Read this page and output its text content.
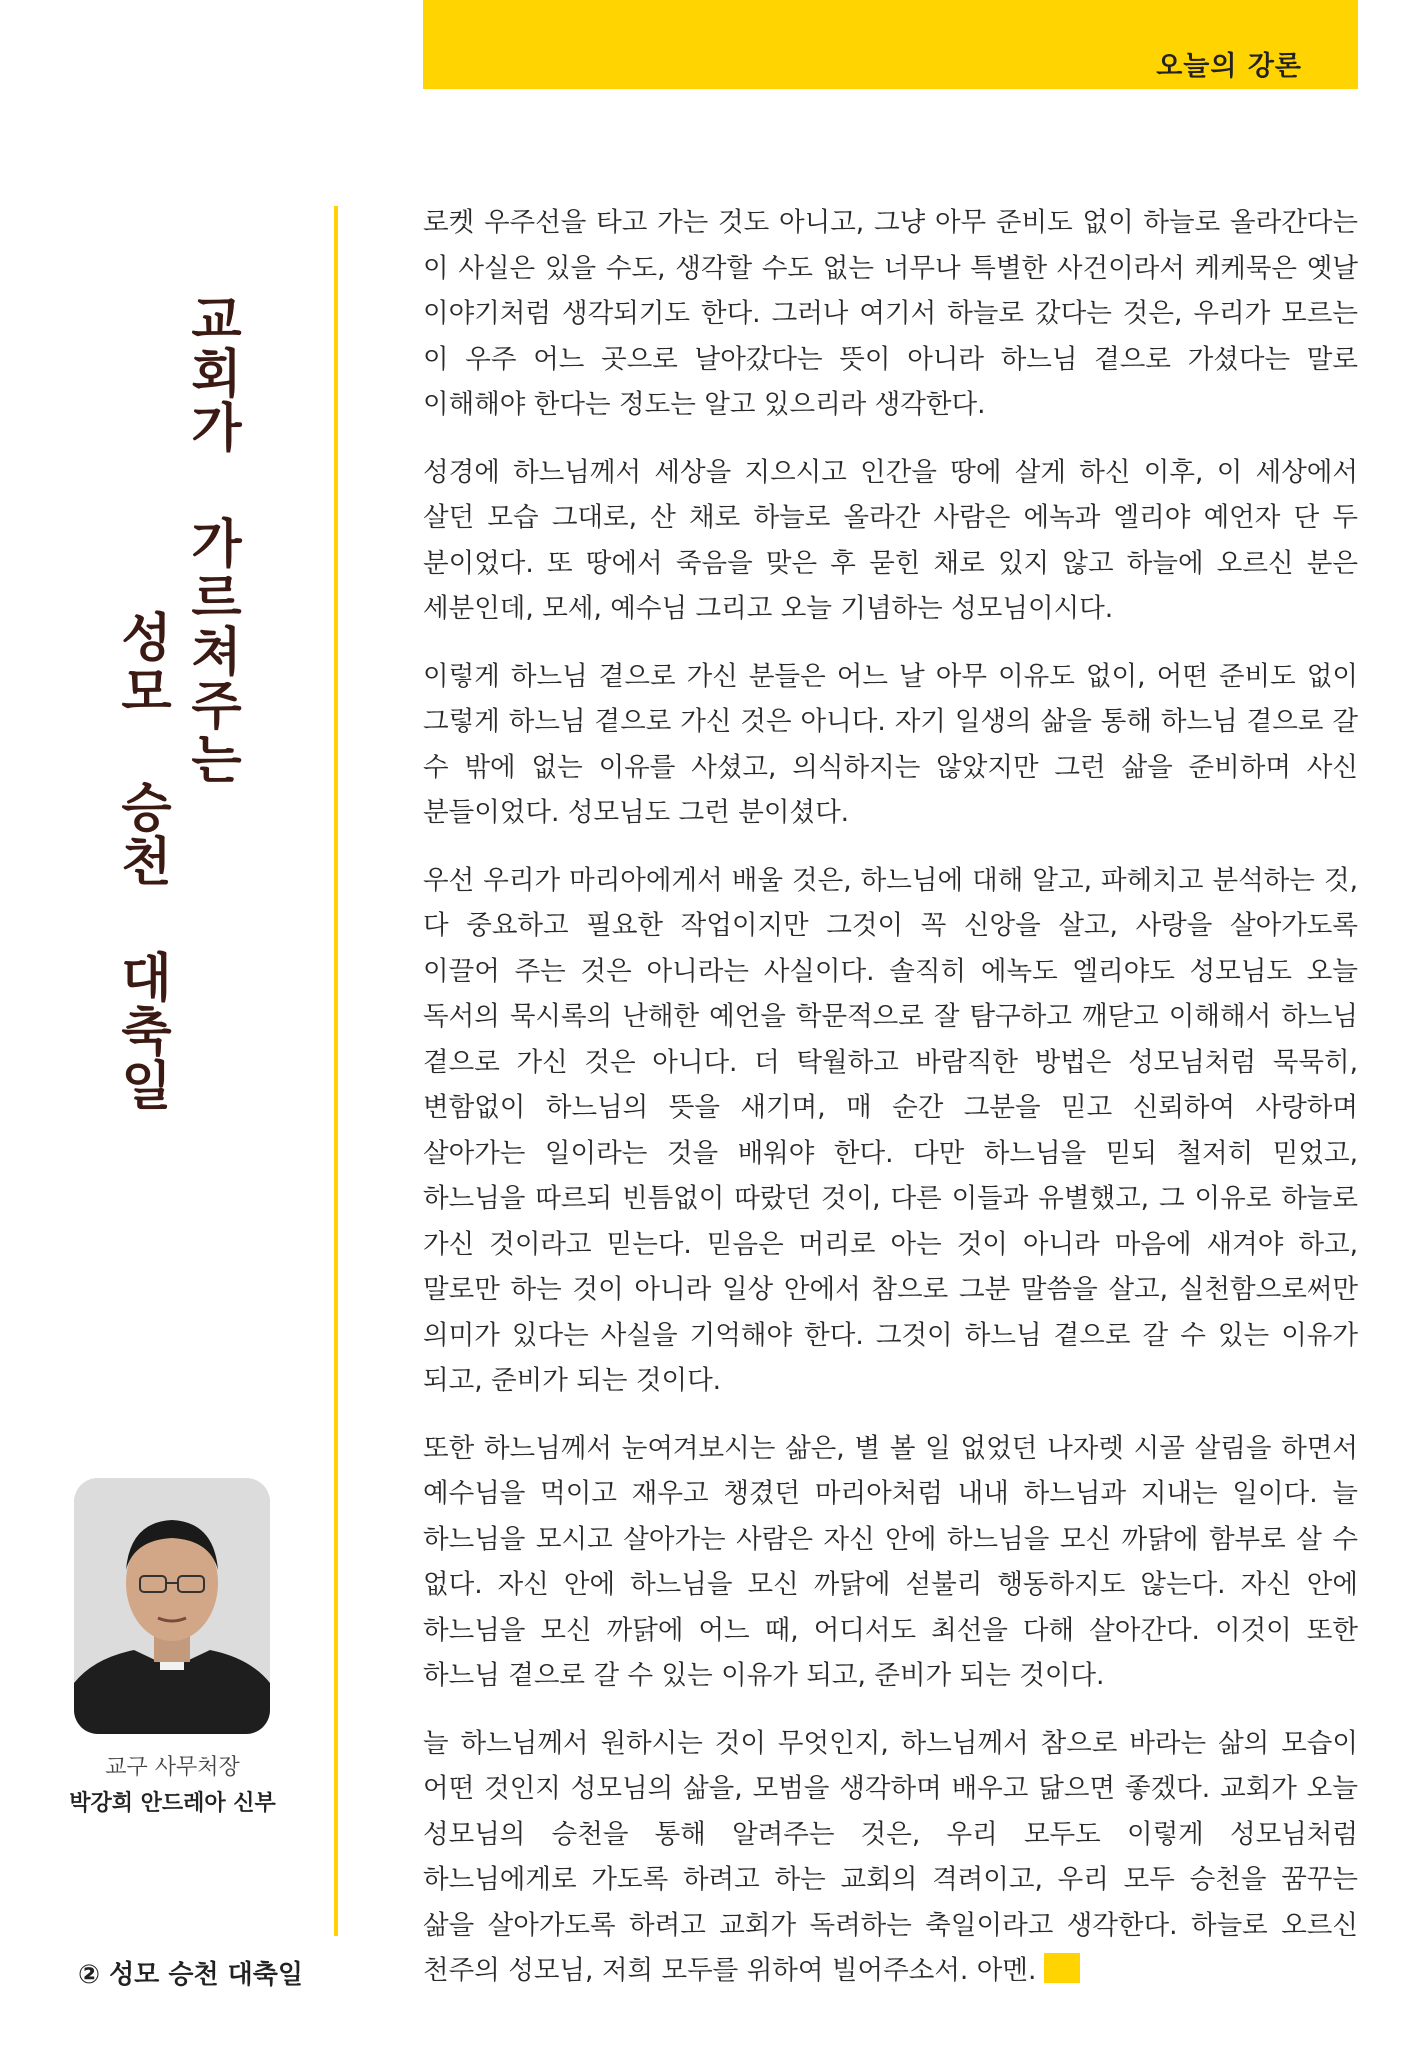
오늘의 강론
교회가 가르쳐주는
성모 승천 대축일
교구 사무처장
박강희 안드레아 신부
② 성모 승천 대축일

로켓 우주선을 타고 가는 것도 아니고, 그냥 아무 준비도 없이 하늘로 올라간다는 이 사실은 있을 수도, 생각할 수도 없는 너무나 특별한 사건이라서 케케묵은 옛날 이야기처럼 생각되기도 한다. 그러나 여기서 하늘로 갔다는 것은, 우리가 모르는 이 우주 어느 곳으로 날아갔다는 뜻이 아니라 하느님 곁으로 가셨다는 말로 이해해야 한다는 정도는 알고 있으리라 생각한다.

성경에 하느님께서 세상을 지으시고 인간을 땅에 살게 하신 이후, 이 세상에서 살던 모습 그대로, 산 채로 하늘로 올라간 사람은 에녹과 엘리야 예언자 단 두 분이었다. 또 땅에서 죽음을 맞은 후 묻힌 채로 있지 않고 하늘에 오르신 분은 세분인데, 모세, 예수님 그리고 오늘 기념하는 성모님이시다.

이렇게 하느님 곁으로 가신 분들은 어느 날 아무 이유도 없이, 어떤 준비도 없이 그렇게 하느님 곁으로 가신 것은 아니다. 자기 일생의 삶을 통해 하느님 곁으로 갈 수 밖에 없는 이유를 사셨고, 의식하지는 않았지만 그런 삶을 준비하며 사신 분들이었다. 성모님도 그런 분이셨다.

우선 우리가 마리아에게서 배울 것은, 하느님에 대해 알고, 파헤치고 분석하는 것, 다 중요하고 필요한 작업이지만 그것이 꼭 신앙을 살고, 사랑을 살아가도록 이끌어 주는 것은 아니라는 사실이다. 솔직히 에녹도 엘리야도 성모님도 오늘 독서의 묵시록의 난해한 예언을 학문적으로 잘 탐구하고 깨닫고 이해해서 하느님 곁으로 가신 것은 아니다. 더 탁월하고 바람직한 방법은 성모님처럼 묵묵히, 변함없이 하느님의 뜻을 새기며, 매 순간 그분을 믿고 신뢰하여 사랑하며 살아가는 일이라는 것을 배워야 한다. 다만 하느님을 믿되 철저히 믿었고, 하느님을 따르되 빈틈없이 따랐던 것이, 다른 이들과 유별했고, 그 이유로 하늘로 가신 것이라고 믿는다. 믿음은 머리로 아는 것이 아니라 마음에 새겨야 하고, 말로만 하는 것이 아니라 일상 안에서 참으로 그분 말씀을 살고, 실천함으로써만 의미가 있다는 사실을 기억해야 한다. 그것이 하느님 곁으로 갈 수 있는 이유가 되고, 준비가 되는 것이다.

또한 하느님께서 눈여겨보시는 삶은, 별 볼 일 없었던 나자렛 시골 살림을 하면서 예수님을 먹이고 재우고 챙겼던 마리아처럼 내내 하느님과 지내는 일이다. 늘 하느님을 모시고 살아가는 사람은 자신 안에 하느님을 모신 까닭에 함부로 살 수 없다. 자신 안에 하느님을 모신 까닭에 섣불리 행동하지도 않는다. 자신 안에 하느님을 모신 까닭에 어느 때, 어디서도 최선을 다해 살아간다. 이것이 또한 하느님 곁으로 갈 수 있는 이유가 되고, 준비가 되는 것이다.

늘 하느님께서 원하시는 것이 무엇인지, 하느님께서 참으로 바라는 삶의 모습이 어떤 것인지 성모님의 삶을, 모범을 생각하며 배우고 닮으면 좋겠다. 교회가 오늘 성모님의 승천을 통해 알려주는 것은, 우리 모두도 이렇게 성모님처럼 하느님에게로 가도록 하려고 하는 교회의 격려이고, 우리 모두 승천을 꿈꾸는 삶을 살아가도록 하려고 교회가 독려하는 축일이라고 생각한다. 하늘로 오르신 천주의 성모님, 저희 모두를 위하여 빌어주소서. 아멘.
